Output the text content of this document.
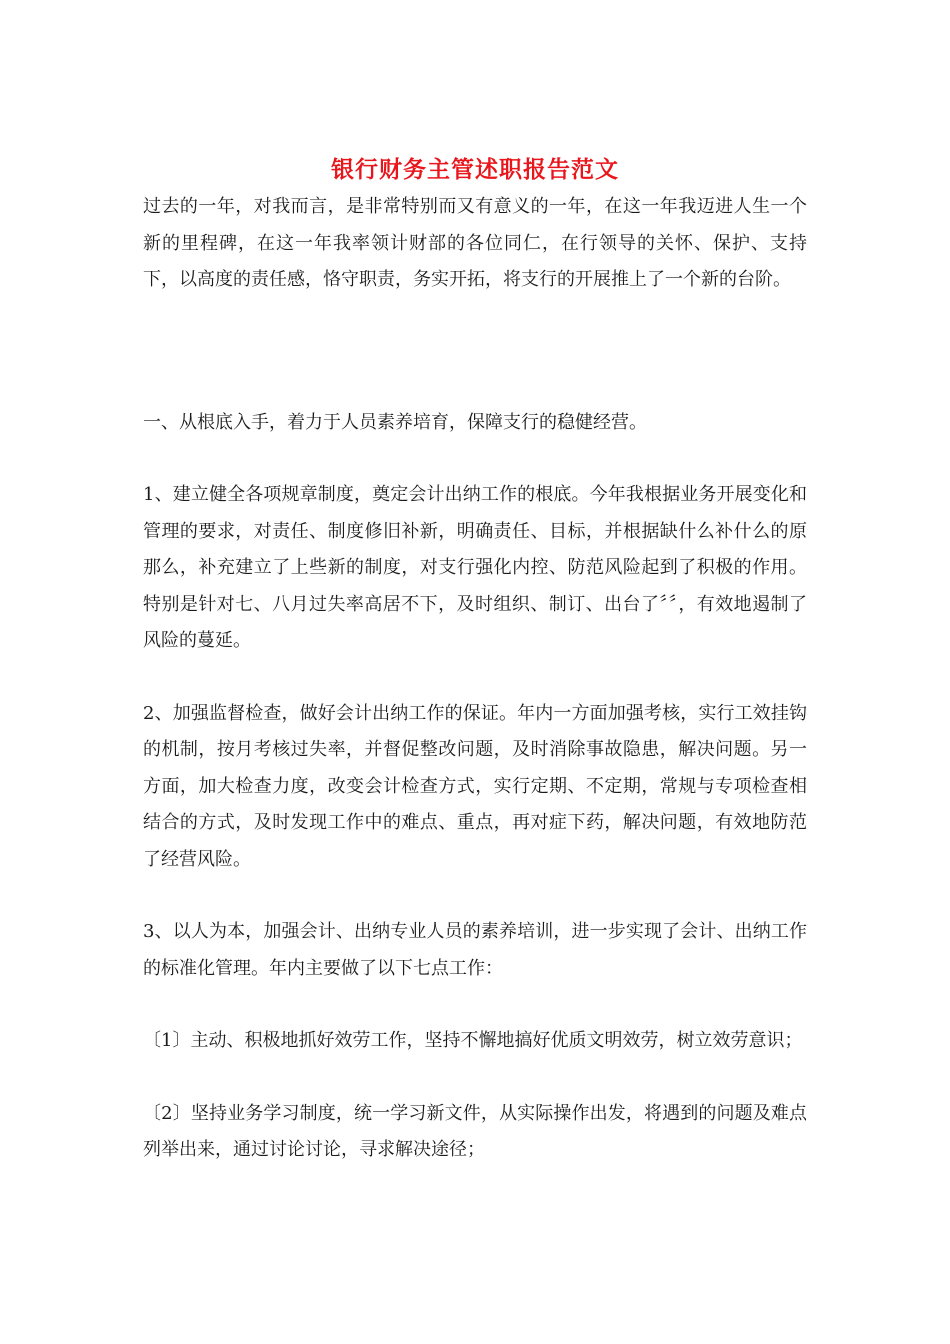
银行财务主管述职报告范文

过去的一年，对我而言，是非常特别而又有意义的一年，在这一年我迈进人生一个新的里程碑，在这一年我率领计财部的各位同仁，在行领导的关怀、保护、支持下，以高度的责任感，恪守职责，务实开拓，将支行的开展推上了一个新的台阶。

一、从根底入手，着力于人员素养培育，保障支行的稳健经营。

1、建立健全各项规章制度，奠定会计出纳工作的根底。今年我根据业务开展变化和管理的要求，对责任、制度修旧补新，明确责任、目标，并根据缺什么补什么的原那么，补充建立了上些新的制度，对支行强化内控、防范风险起到了积极的作用。特别是针对七、八月过失率高居不下，及时组织、制订、出台了〞〞，有效地遏制了风险的蔓延。

2、加强监督检查，做好会计出纳工作的保证。年内一方面加强考核，实行工效挂钩的机制，按月考核过失率，并督促整改问题，及时消除事故隐患，解决问题。另一方面，加大检查力度，改变会计检查方式，实行定期、不定期，常规与专项检查相结合的方式，及时发现工作中的难点、重点，再对症下药，解决问题，有效地防范了经营风险。

3、以人为本，加强会计、出纳专业人员的素养培训，进一步实现了会计、出纳工作的标准化管理。年内主要做了以下七点工作：

〔1〕主动、积极地抓好效劳工作，坚持不懈地搞好优质文明效劳，树立效劳意识；

〔2〕坚持业务学习制度，统一学习新文件，从实际操作出发，将遇到的问题及难点列举出来，通过讨论讨论，寻求解决途径；
